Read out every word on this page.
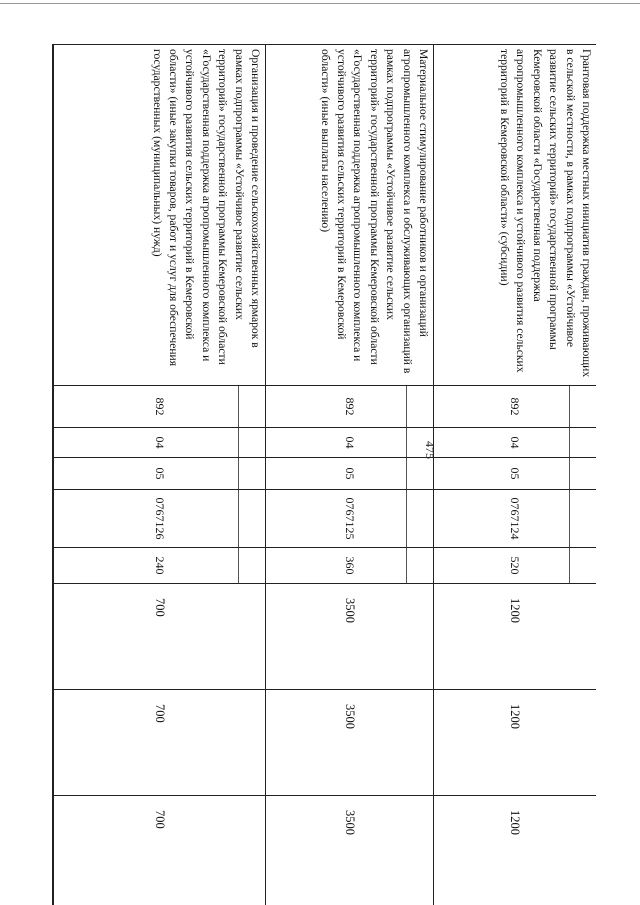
475
Грантовая поддержка местных инициатив граждан, проживающих в сельской местности, в рамках подпрограммы «Устойчивое развитие сельских территорий» государственной программы Кемеровской области «Государственная поддержка агропромышленного комплекса и устойчивого развития сельских территорий в Кемеровской области» (субсидии)
892
04
05
0767124
520
1200
1200
1200
Материальное стимулирование работников и организаций агропромышленного комплекса и обслуживающих организаций в рамках подпрограммы «Устойчивое развитие сельских территорий» государственной программы Кемеровской области «Государственная поддержка агропромышленного комплекса и устойчивого развития сельских территорий в Кемеровской области» (иные выплаты населению)
892
04
05
0767125
360
3500
3500
3500
Организация и проведение сельскохозяйственных ярмарок в рамках подпрограммы «Устойчивое развитие сельских территорий» государственной программы Кемеровской области «Государственная поддержка агропромышленного комплекса и устойчивого развития сельских территорий в Кемеровской области» (иные закупки товаров, работ и услуг для обеспечения государственных (муниципальных) нужд)
892
04
05
0767126
240
700
700
700
